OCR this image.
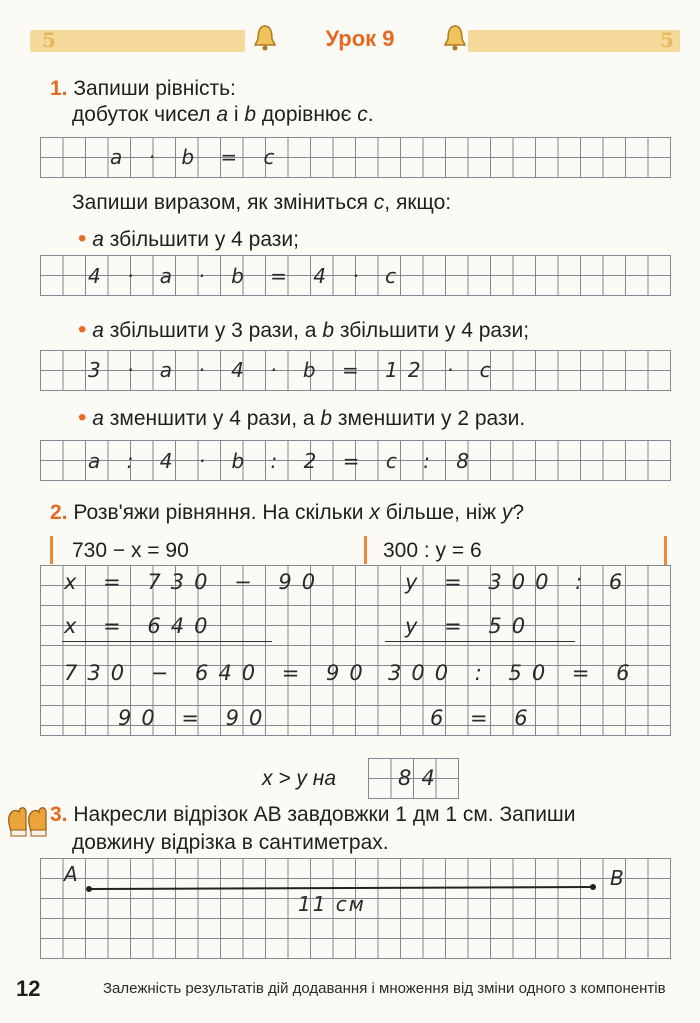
5	5
Урок 9
1. Запиши рівність:
добуток чисел a і b дорівнює c.
a · b = c
Запиши виразом, як зміниться c, якщо:
• a збільшити у 4 рази;
4 · a · b = 4 · c
• a збільшити у 3 рази, а b збільшити у 4 рази;
3 · a · 4 · b = 12 · c
• a зменшити у 4 рази, а b зменшити у 2 рази.
a : 4 · b : 2 = c : 8
2. Розв'яжи рівняння. На скільки x більше, ніж y?
730 − x = 90	300 : y = 6
x = 730 − 90
x = 640
730 − 640 = 90
90 = 90
y = 300 : 6
y = 50
300 : 50 = 6
6 = 6
x > y на	84
3. Накресли відрізок AB завдовжки 1 дм 1 см. Запиши
довжину відрізка в сантиметрах.
A	B
11 см
12	Залежність результатів дій додавання і множення від зміни одного з компонентів
